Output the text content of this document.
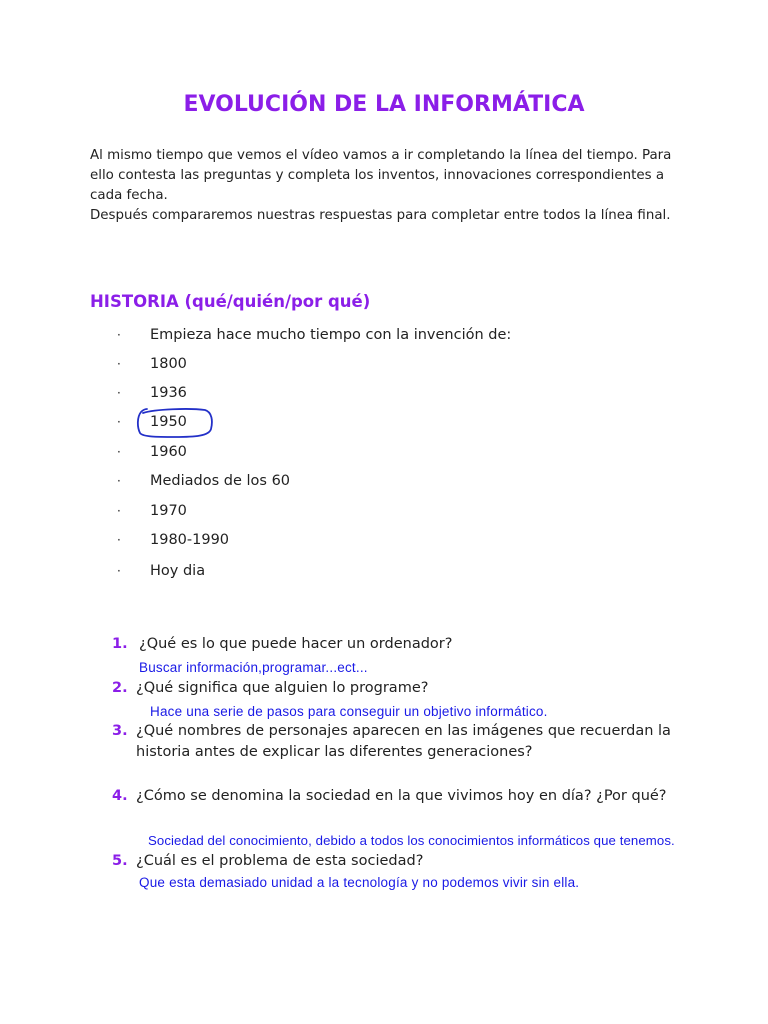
EVOLUCIÓN DE LA INFORMÁTICA

Al mismo tiempo que vemos el vídeo vamos a ir completando la línea del tiempo. Para ello contesta las preguntas y completa los inventos, innovaciones correspondientes a cada fecha.

Después compararemos nuestras respuestas para completar entre todos la línea final.

HISTORIA (qué/quién/por qué)
· Empieza hace mucho tiempo con la invención de:
· 1800
· 1936
· 1950
· 1960
· Mediados de los 60
· 1970
· 1980-1990
· Hoy dia
1. ¿Qué es lo que puede hacer un ordenador?
Buscar información,programar...ect...
2. ¿Qué significa que alguien lo programe?
Hace una serie de pasos para conseguir un objetivo informático.
3. ¿Qué nombres de personajes aparecen en las imágenes que recuerdan la historia antes de explicar las diferentes generaciones?
4. ¿Cómo se denomina la sociedad en la que vivimos hoy en día? ¿Por qué?
Sociedad del conocimiento, debido a todos los conocimientos informáticos que tenemos.
5. ¿Cuál es el problema de esta sociedad?
Que esta demasiado unidad a la tecnología y no podemos vivir sin ella.
